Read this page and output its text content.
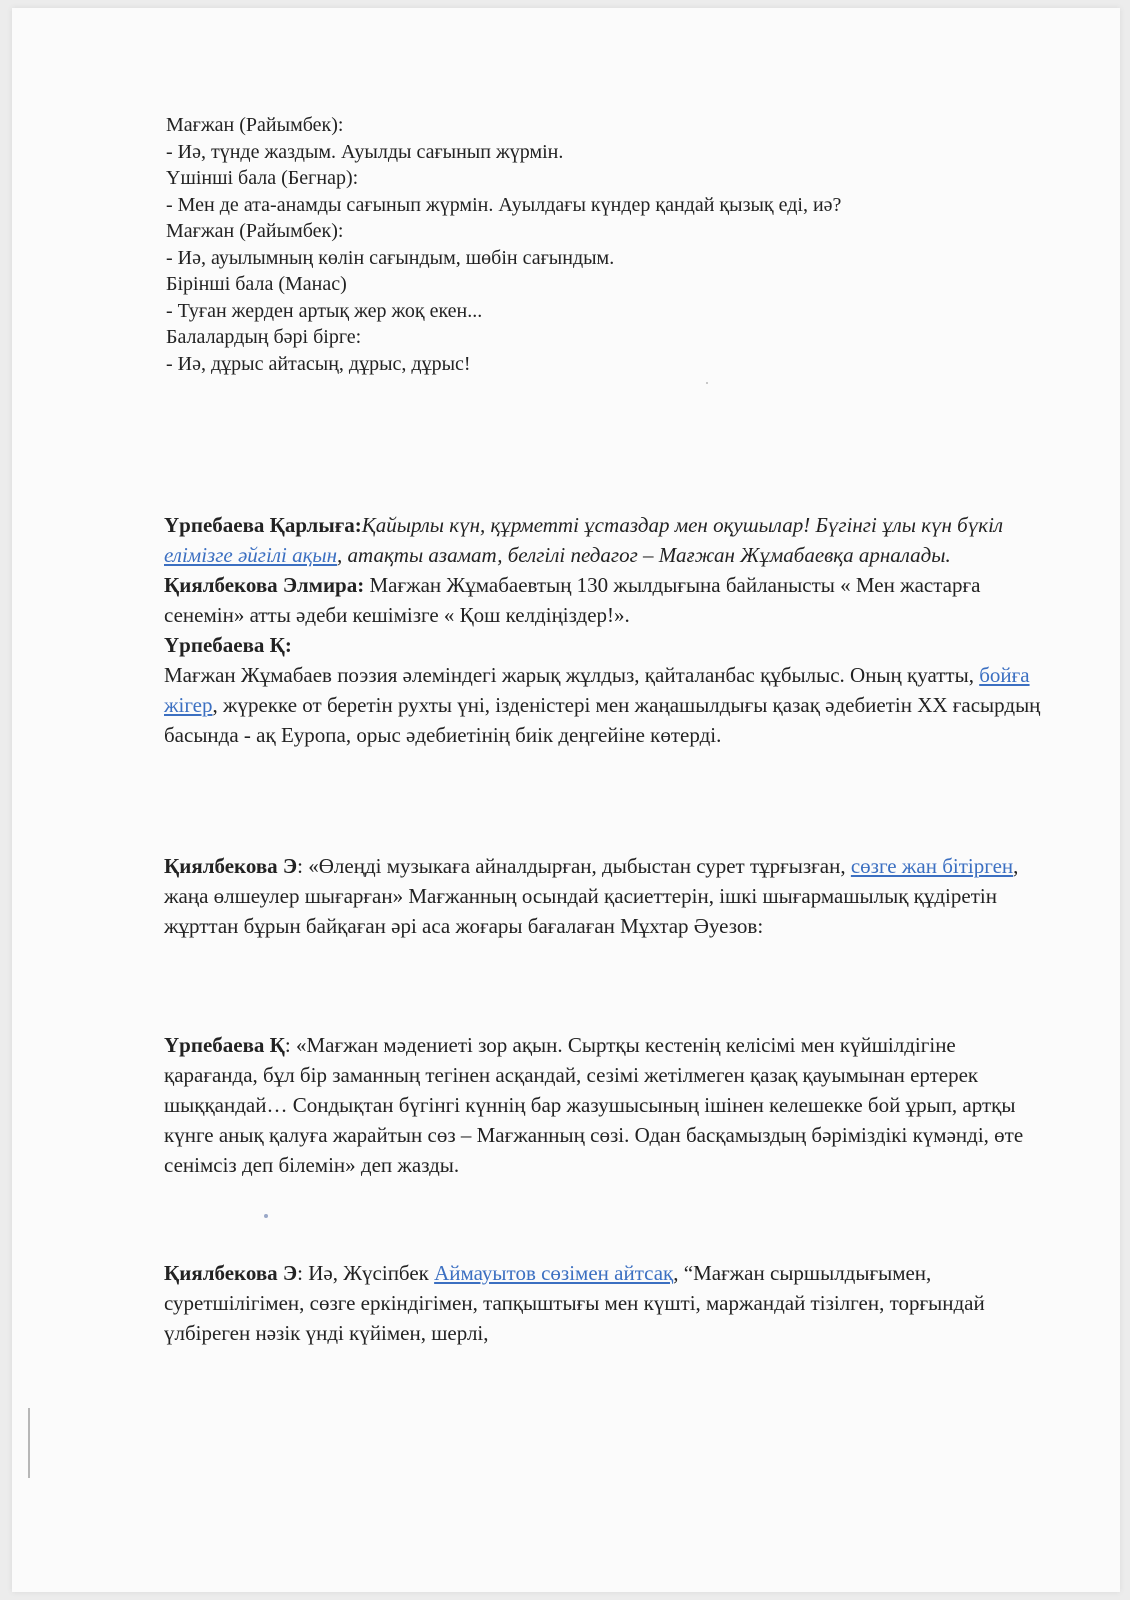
Мағжан (Райымбек):
- Иә, түнде жаздым. Ауылды сағынып жүрмін.
Үшінші бала (Бегнар):
- Мен де ата-анамды сағынып жүрмін. Ауылдағы күндер қандай қызық еді, иә?
Мағжан (Райымбек):
- Иә, ауылымның көлін сағындым, шөбін сағындым.
Бірінші бала (Манас)
- Туған жерден артық жер жоқ екен...
Балалардың бәрі бірге:
- Иә, дұрыс айтасың, дұрыс, дұрыс!

Үрпебаева Қарлығa:Қайырлы күн, құрметті ұстаздар мен оқушылар! Бүгінгі ұлы күн бүкіл елімізге әйгілі ақын, атақты азамат, белгілі педагог – Мағжан Жұмабаевқа арналады.

Қиялбекова Элмира: Мағжан Жұмабаевтың 130 жылдығына байланысты « Мен жастарға сенемін» атты әдеби кешімізге « Қош келдіңіздер!».

Үрпебаева Қ:

Мағжан Жұмабаев поэзия әлеміндегі жарық жұлдыз, қайталанбас құбылыс. Оның қуатты, бойға жігер, жүрекке от беретін рухты үні, ізденістері мен жаңашылдығы қазақ әдебиетін ХХ ғасырдың басында - ақ Еуропа, орыс әдебиетінің биік деңгейіне көтерді.

Қиялбекова Э: «Өлеңді музыкаға айналдырған, дыбыстан сурет тұрғызған, сөзге жан бітірген, жаңа өлшеулер шығарған» Мағжанның осындай қасиеттерін, ішкі шығармашылық құдіретін жұрттан бұрын байқаған әрі аса жоғары бағалаған Мұхтар Әуезов:

Үрпебаева Қ: «Мағжан мәдениеті зор ақын. Сыртқы кестенің келісімі мен күйшілдігіне қарағанда, бұл бір заманның тегінен асқандай, сезімі жетілмеген қазақ қауымынан ертерек шыққандай… Сондықтан бүгінгі күннің бар жазушысының ішінен келешекке бой ұрып, артқы күнге анық қалуға жарайтын сөз – Мағжанның сөзі. Одан басқамыздың бәріміздікі күмәнді, өте сенімсіз деп білемін» деп жазды.

Қиялбекова Э: Иә, Жүсіпбек Аймауытов сөзімен айтсақ, “Мағжан сыршылдығымен, суретшілігімен, сөзге еркіндігімен, тапқыштығы мен күшті, маржандай тізілген, торғындай үлбіреген нәзік үнді күйімен, шерлі,
